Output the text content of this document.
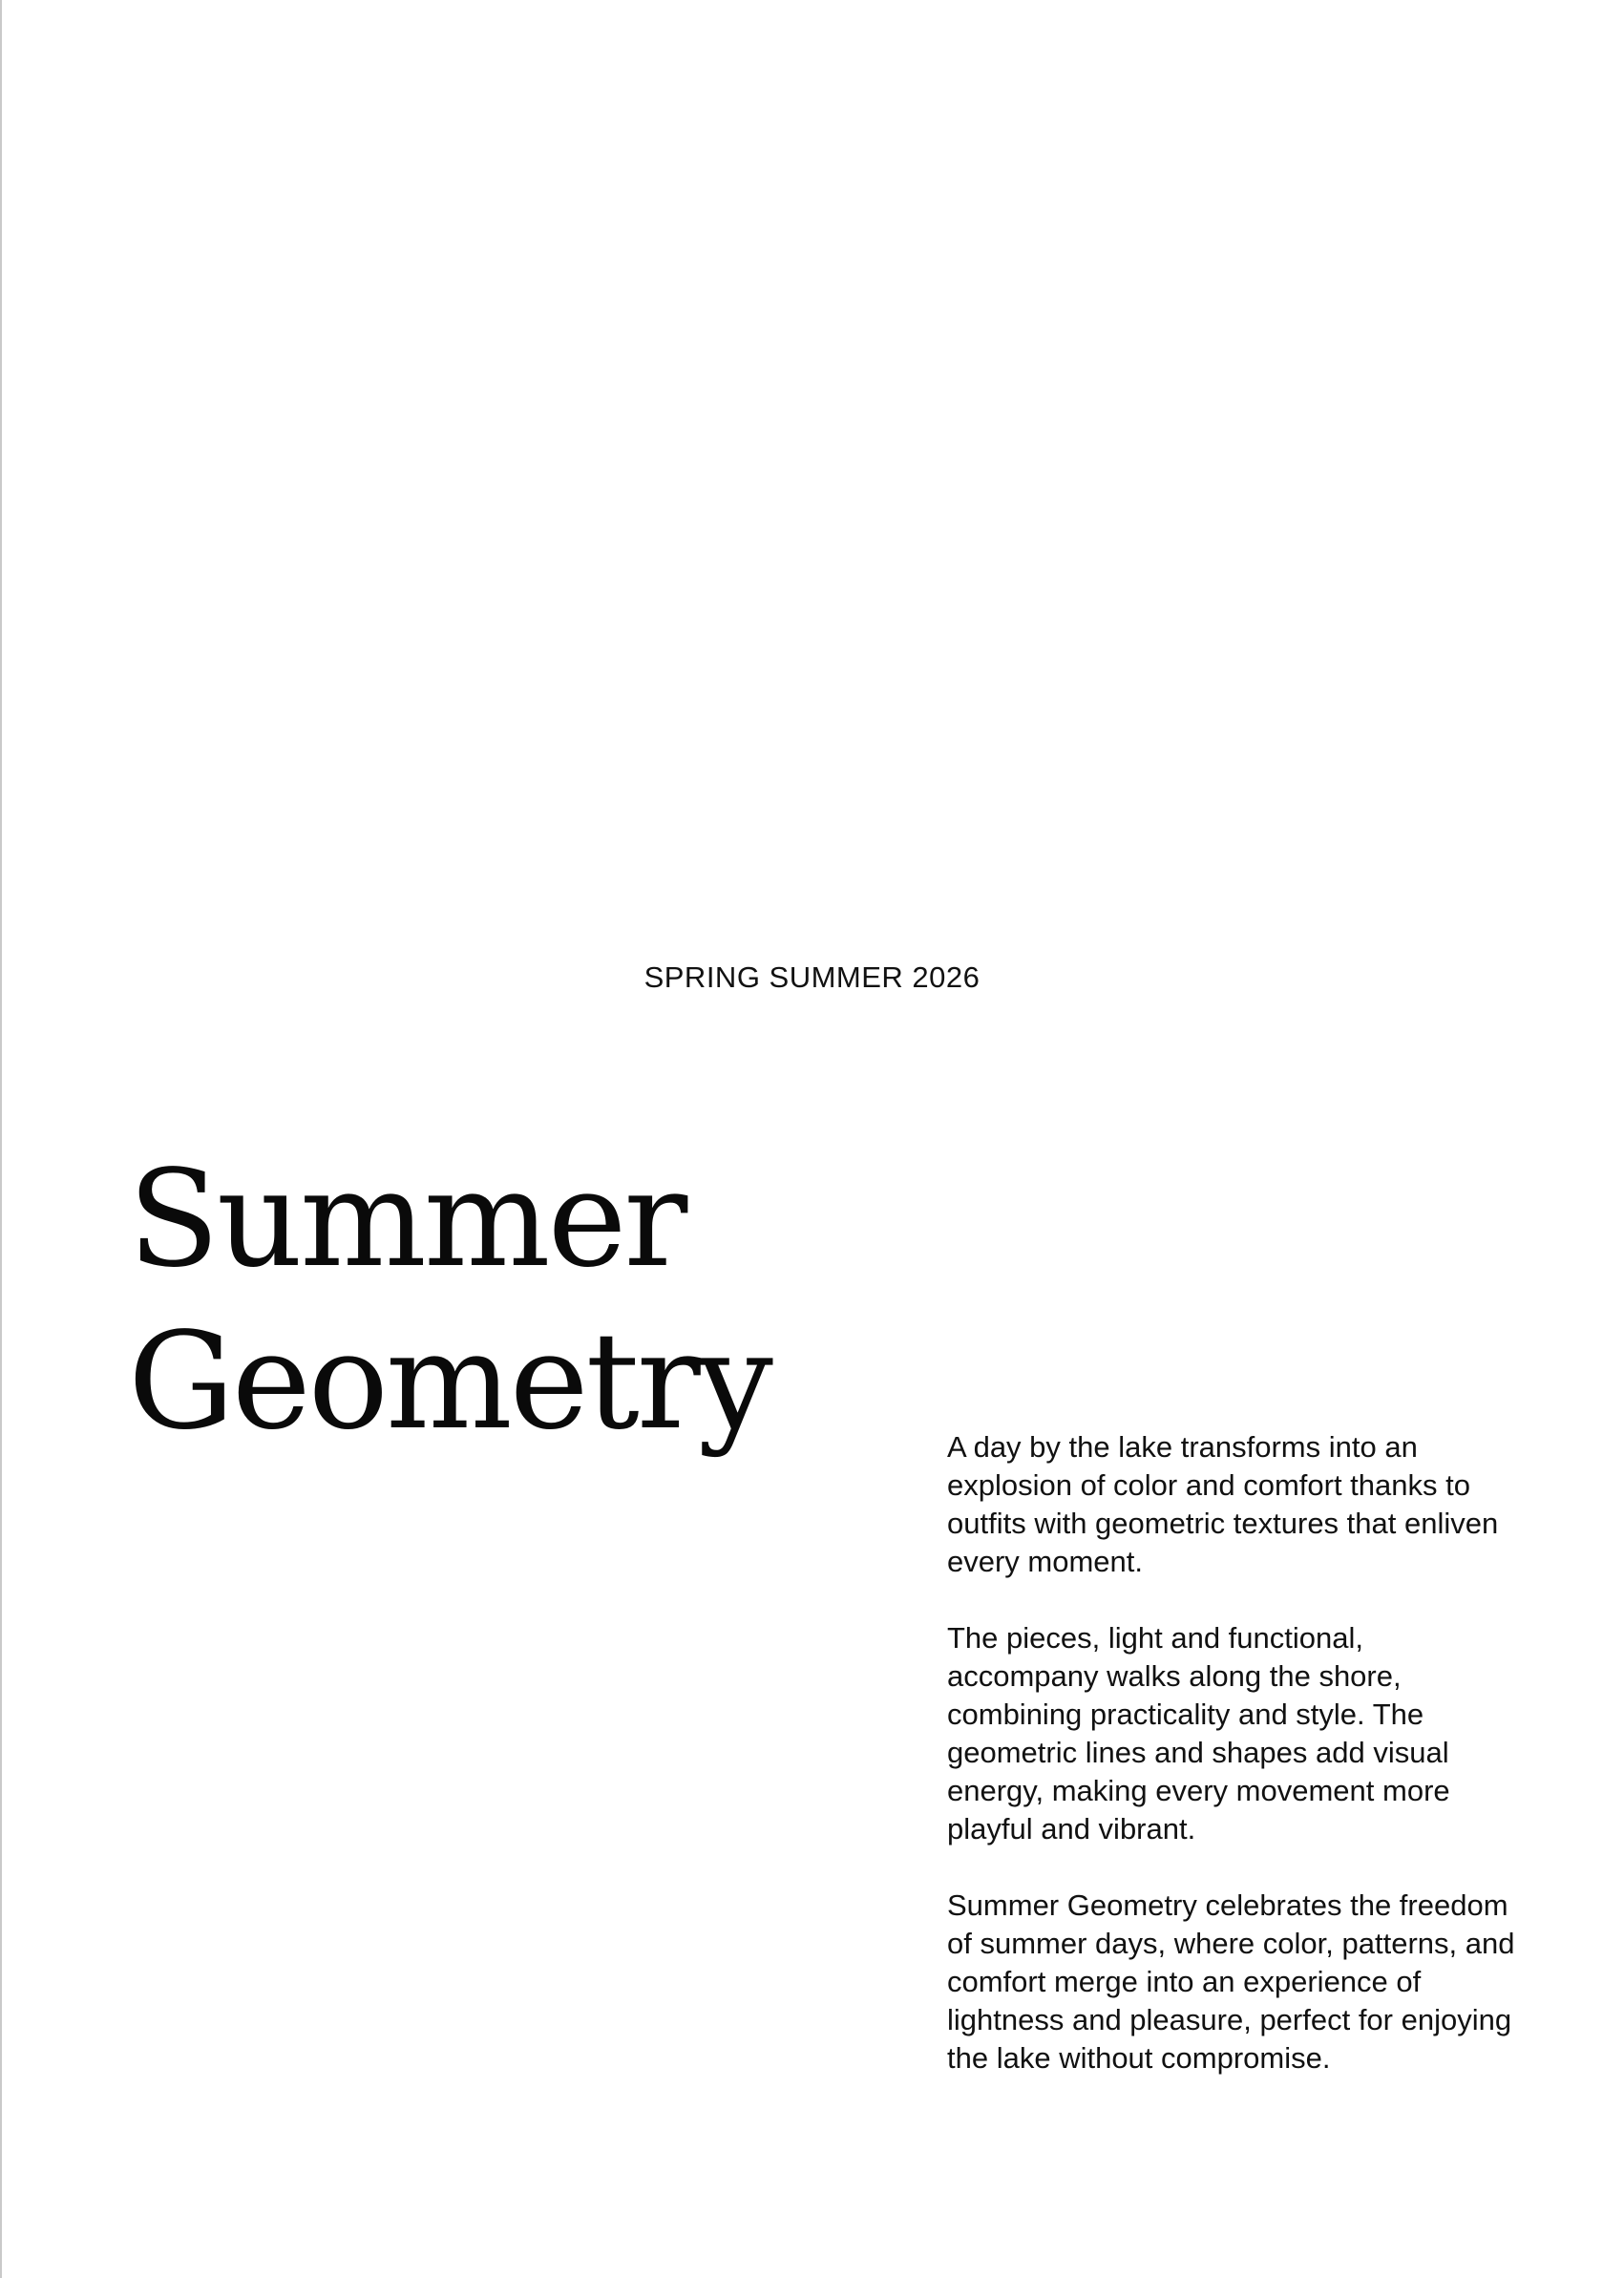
SPRING SUMMER 2026
Summer
Geometry	A day by the lake transforms into an explosion of color and comfort thanks to outfits with geometric textures that enliven every moment.

The pieces, light and functional, accompany walks along the shore, combining practicality and style. The geometric lines and shapes add visual energy, making every movement more playful and vibrant.

Summer Geometry celebrates the freedom of summer days, where color, patterns, and comfort merge into an experience of lightness and pleasure, perfect for enjoying the lake without compromise.
